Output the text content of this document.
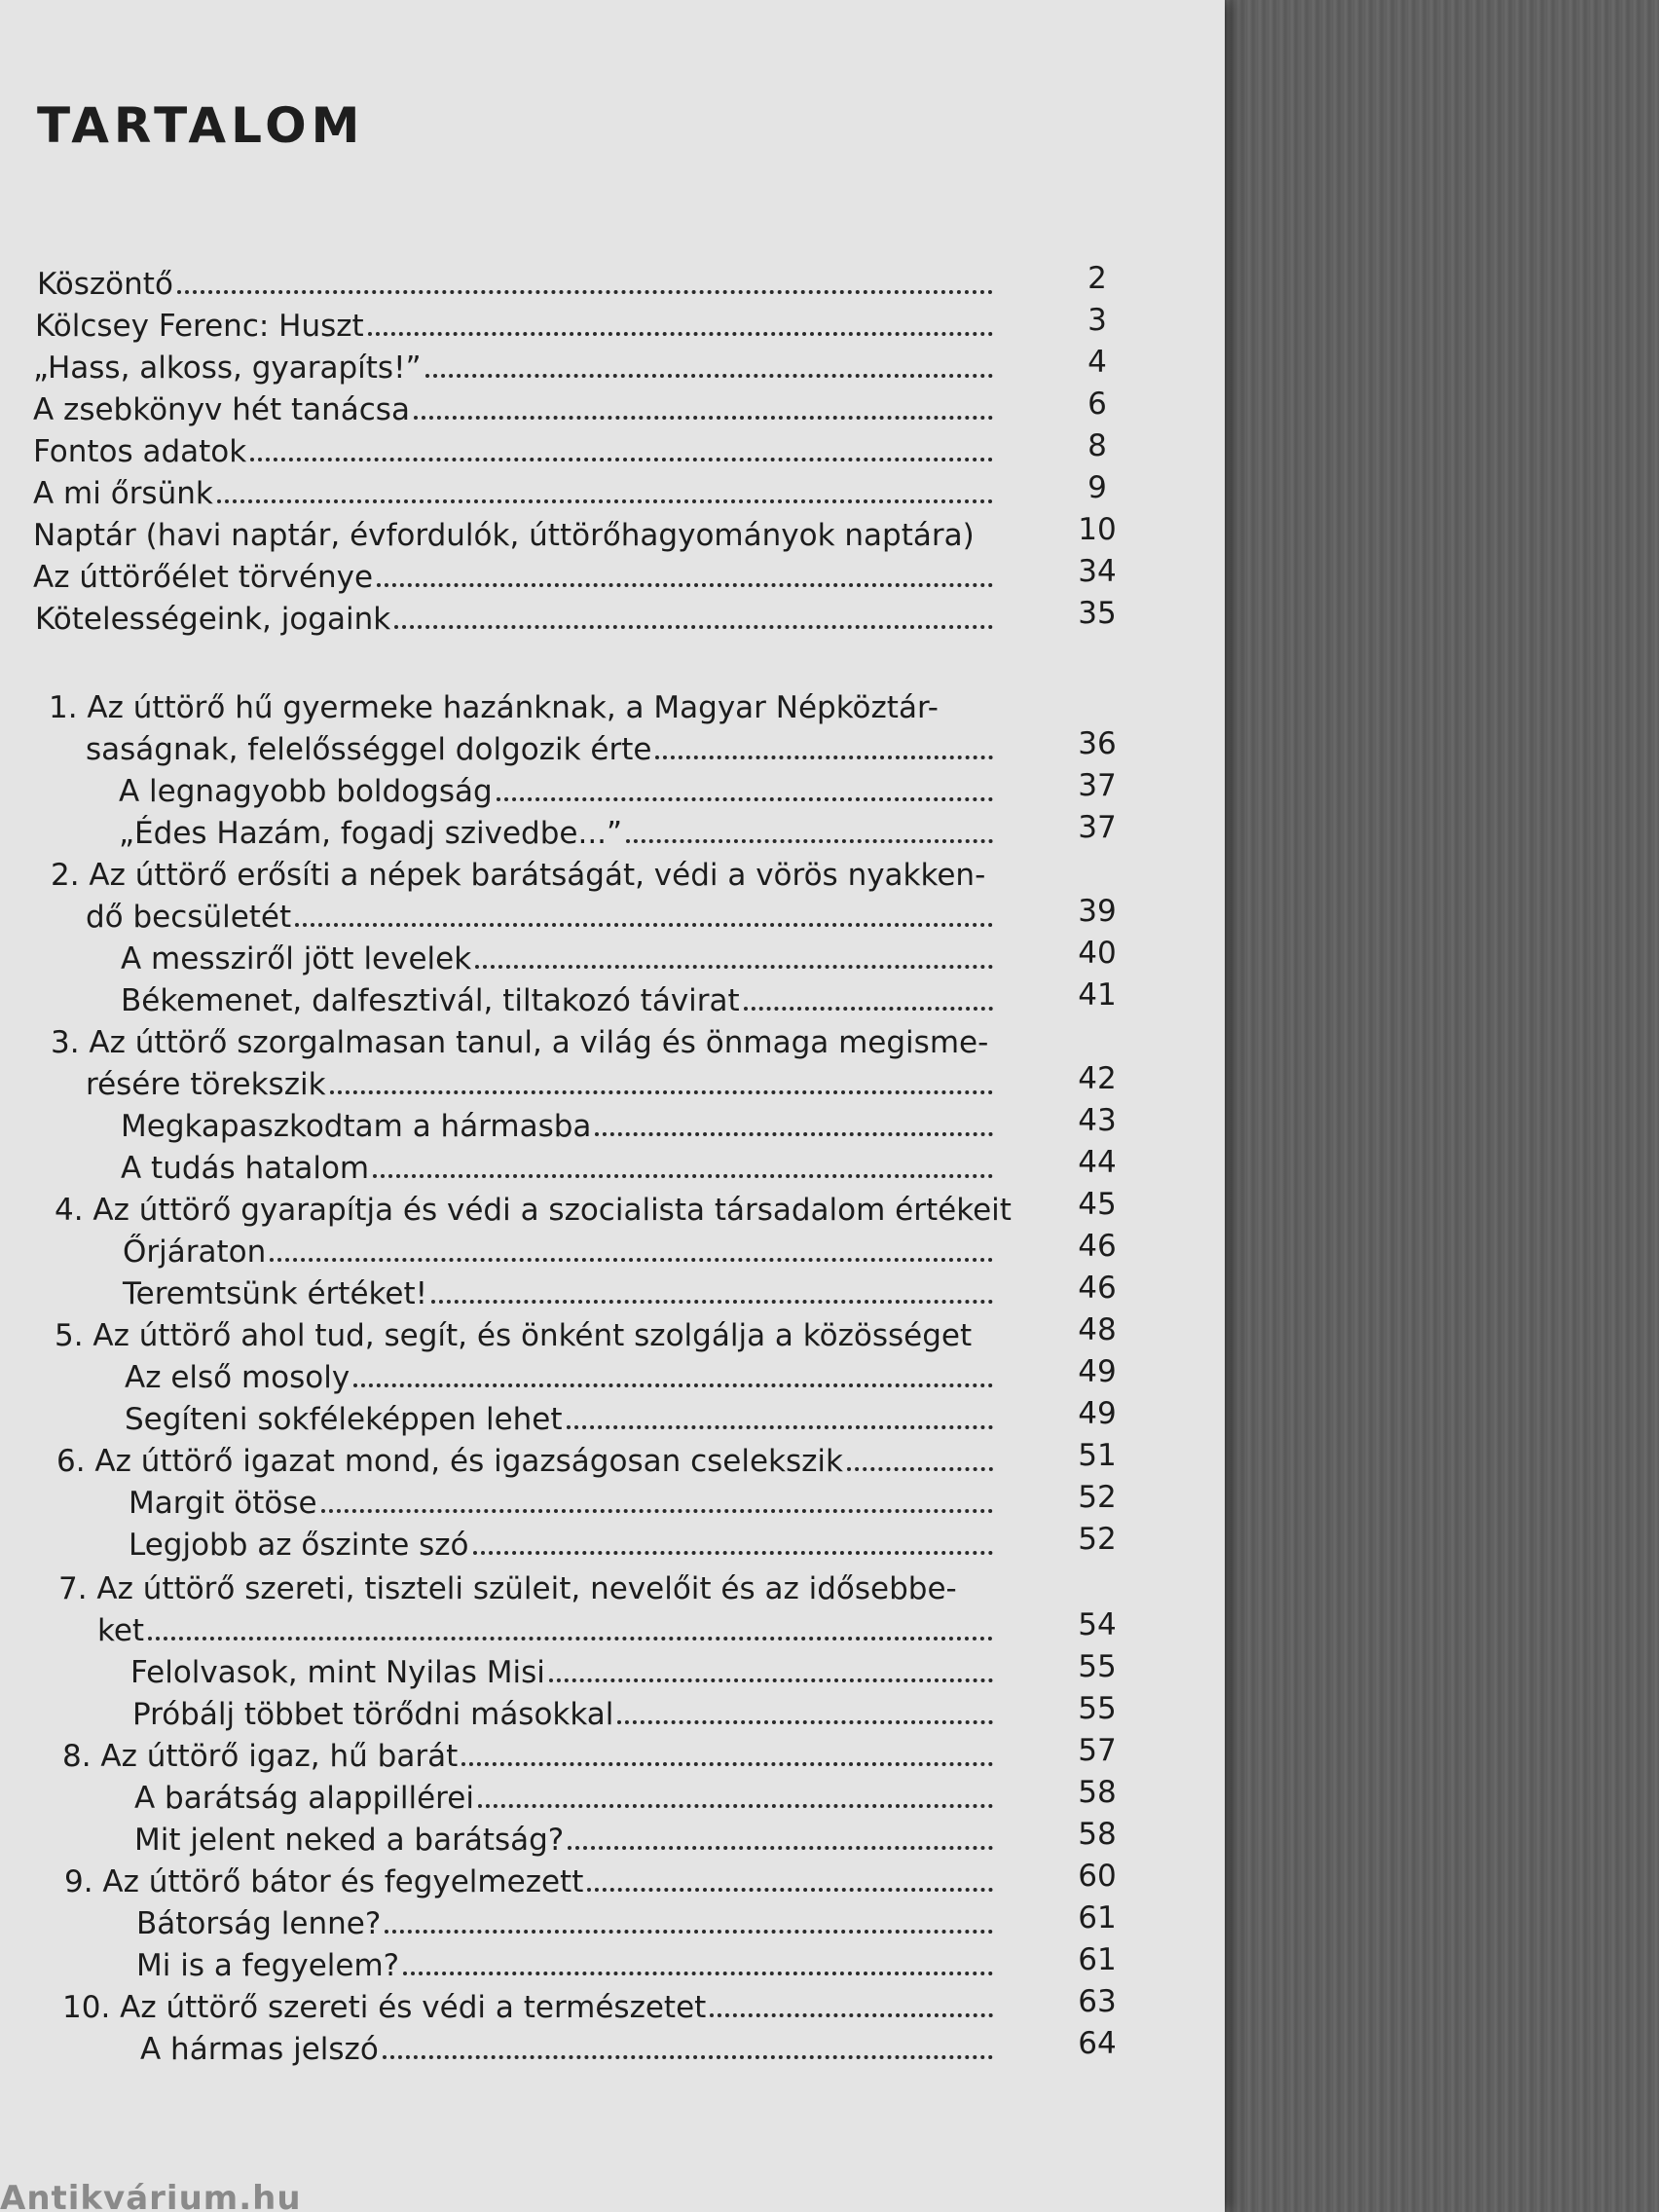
TARTALOM
Köszöntő	2
Kölcsey Ferenc: Huszt	3
„Hass, alkoss, gyarapíts!”	4
A zsebkönyv hét tanácsa	6
Fontos adatok	8
A mi őrsünk	9
Naptár (havi naptár, évfordulók, úttörőhagyományok naptára)	10
Az úttörőélet törvénye	34
Kötelességeink, jogaink	35
1. Az úttörő hű gyermeke hazánknak, a Magyar Népköztár-
saságnak, felelősséggel dolgozik érte	36
A legnagyobb boldogság	37
„Édes Hazám, fogadj szivedbe...”	37
2. Az úttörő erősíti a népek barátságát, védi a vörös nyakken-
dő becsületét	39
A messziről jött levelek	40
Békemenet, dalfesztivál, tiltakozó távirat	41
3. Az úttörő szorgalmasan tanul, a világ és önmaga megisme-
résére törekszik	42
Megkapaszkodtam a hármasba	43
A tudás hatalom	44
4. Az úttörő gyarapítja és védi a szocialista társadalom értékeit 45
Őrjáraton	46
Teremtsünk értéket!	46
5. Az úttörő ahol tud, segít, és önként szolgálja a közösséget	48
Az első mosoly	49
Segíteni sokféleképpen lehet	49
6. Az úttörő igazat mond, és igazságosan cselekszik	51
Margit ötöse	52
Legjobb az őszinte szó	52
7. Az úttörő szereti, tiszteli szüleit, nevelőit és az idősebbe-
ket	54
Felolvasok, mint Nyilas Misi	55
Próbálj többet törődni másokkal	55
8. Az úttörő igaz, hű barát	57
A barátság alappillérei	58
Mit jelent neked a barátság?	58
9. Az úttörő bátor és fegyelmezett	60
Bátorság lenne?	61
Mi is a fegyelem?	61
10. Az úttörő szereti és védi a természetet	63
A hármas jelszó	64
Antikvárium.hu
